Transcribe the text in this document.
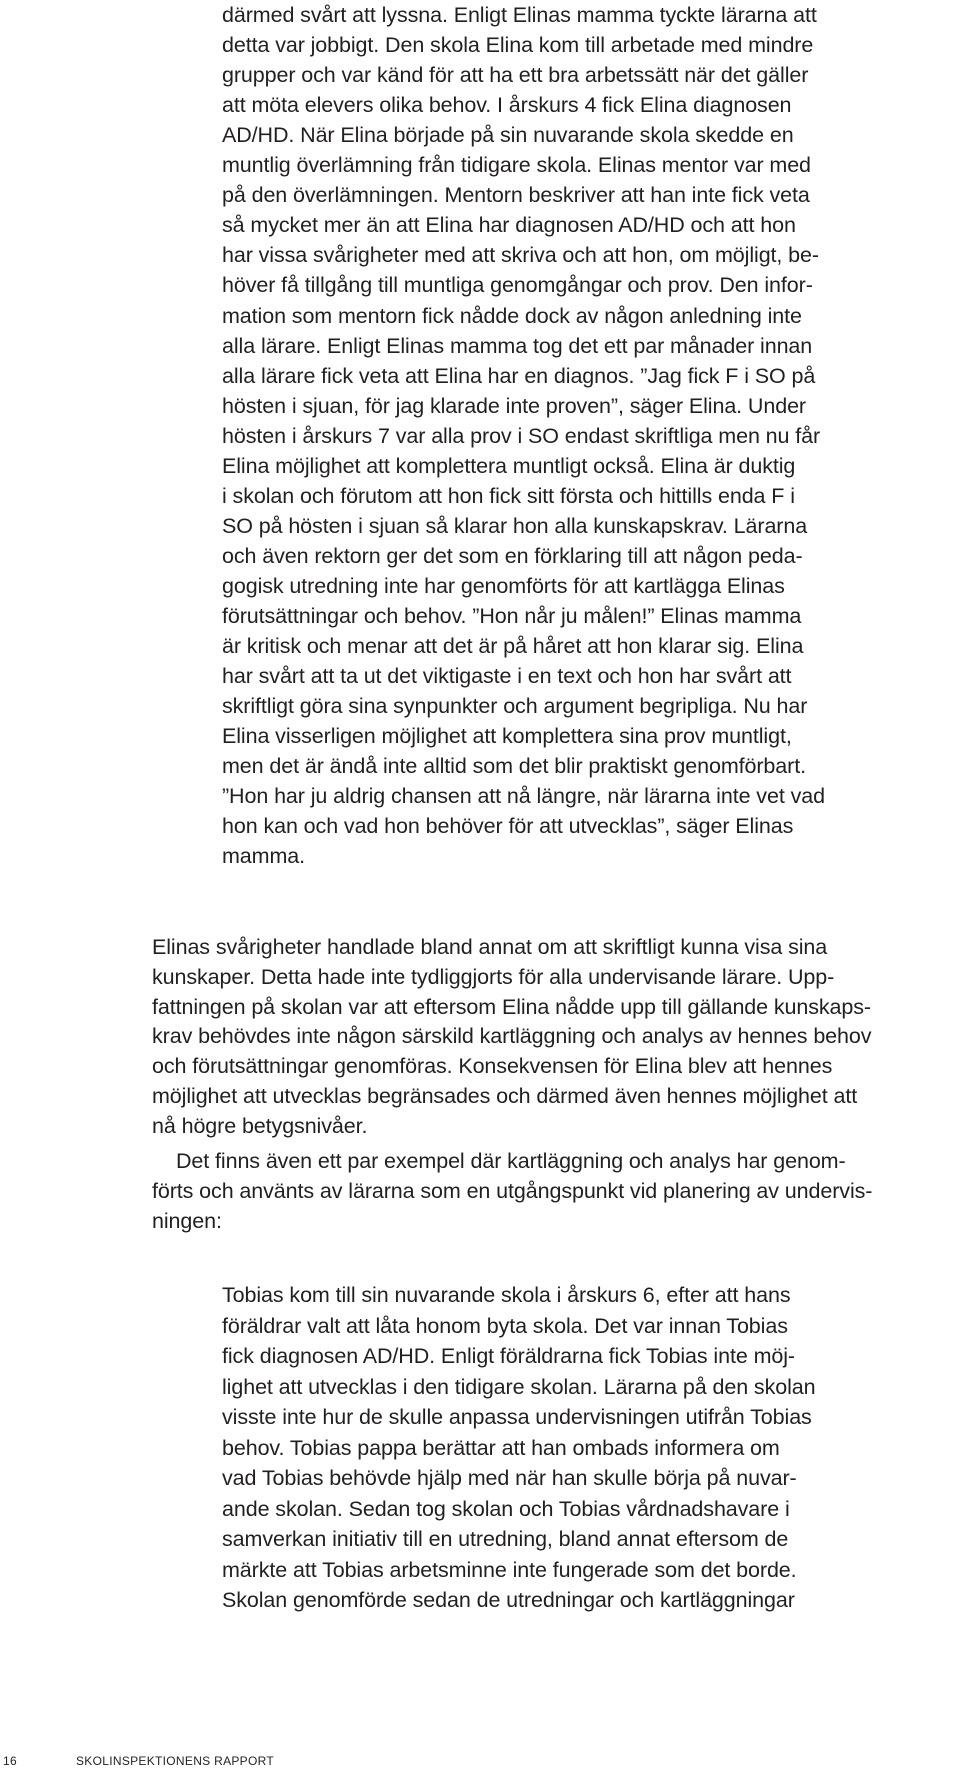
därmed svårt att lyssna. Enligt Elinas mamma tyckte lärarna att
detta var jobbigt. Den skola Elina kom till arbetade med mindre
grupper och var känd för att ha ett bra arbetssätt när det gäller
att möta elevers olika behov. I årskurs 4 fick Elina diagnosen
AD/HD. När Elina började på sin nuvarande skola skedde en
muntlig överlämning från tidigare skola. Elinas mentor var med
på den överlämningen. Mentorn beskriver att han inte fick veta
så mycket mer än att Elina har diagnosen AD/HD och att hon
har vissa svårigheter med att skriva och att hon, om möjligt, be-
höver få tillgång till muntliga genomgångar och prov. Den infor-
mation som mentorn fick nådde dock av någon anledning inte
alla lärare. Enligt Elinas mamma tog det ett par månader innan
alla lärare fick veta att Elina har en diagnos. ”Jag fick F i SO på
hösten i sjuan, för jag klarade inte proven”, säger Elina. Under
hösten i årskurs 7 var alla prov i SO endast skriftliga men nu får
Elina möjlighet att komplettera muntligt också. Elina är duktig
i skolan och förutom att hon fick sitt första och hittills enda F i
SO på hösten i sjuan så klarar hon alla kunskapskrav. Lärarna
och även rektorn ger det som en förklaring till att någon peda-
gogisk utredning inte har genomförts för att kartlägga Elinas
förutsättningar och behov. ”Hon når ju målen!” Elinas mamma
är kritisk och menar att det är på håret att hon klarar sig. Elina
har svårt att ta ut det viktigaste i en text och hon har svårt att
skriftligt göra sina synpunkter och argument begripliga. Nu har
Elina visserligen möjlighet att komplettera sina prov muntligt,
men det är ändå inte alltid som det blir praktiskt genomförbart.
”Hon har ju aldrig chansen att nå längre, när lärarna inte vet vad
hon kan och vad hon behöver för att utvecklas”, säger Elinas
mamma.
Elinas svårigheter handlade bland annat om att skriftligt kunna visa sina
kunskaper. Detta hade inte tydliggjorts för alla undervisande lärare. Upp-
fattningen på skolan var att eftersom Elina nådde upp till gällande kunskaps-
krav behövdes inte någon särskild kartläggning och analys av hennes behov
och förutsättningar genomföras. Konsekvensen för Elina blev att hennes
möjlighet att utvecklas begränsades och därmed även hennes möjlighet att
nå högre betygsnivåer.
Det finns även ett par exempel där kartläggning och analys har genom-
förts och använts av lärarna som en utgångspunkt vid planering av undervis-
ningen:
Tobias kom till sin nuvarande skola i årskurs 6, efter att hans
föräldrar valt att låta honom byta skola. Det var innan Tobias
fick diagnosen AD/HD. Enligt föräldrarna fick Tobias inte möj-
lighet att utvecklas i den tidigare skolan. Lärarna på den skolan
visste inte hur de skulle anpassa undervisningen utifrån Tobias
behov. Tobias pappa berättar att han ombads informera om
vad Tobias behövde hjälp med när han skulle börja på nuvar-
ande skolan. Sedan tog skolan och Tobias vårdnadshavare i
samverkan initiativ till en utredning, bland annat eftersom de
märkte att Tobias arbetsminne inte fungerade som det borde.
Skolan genomförde sedan de utredningar och kartläggningar
16	SKOLINSPEKTIONENS RAPPORT
